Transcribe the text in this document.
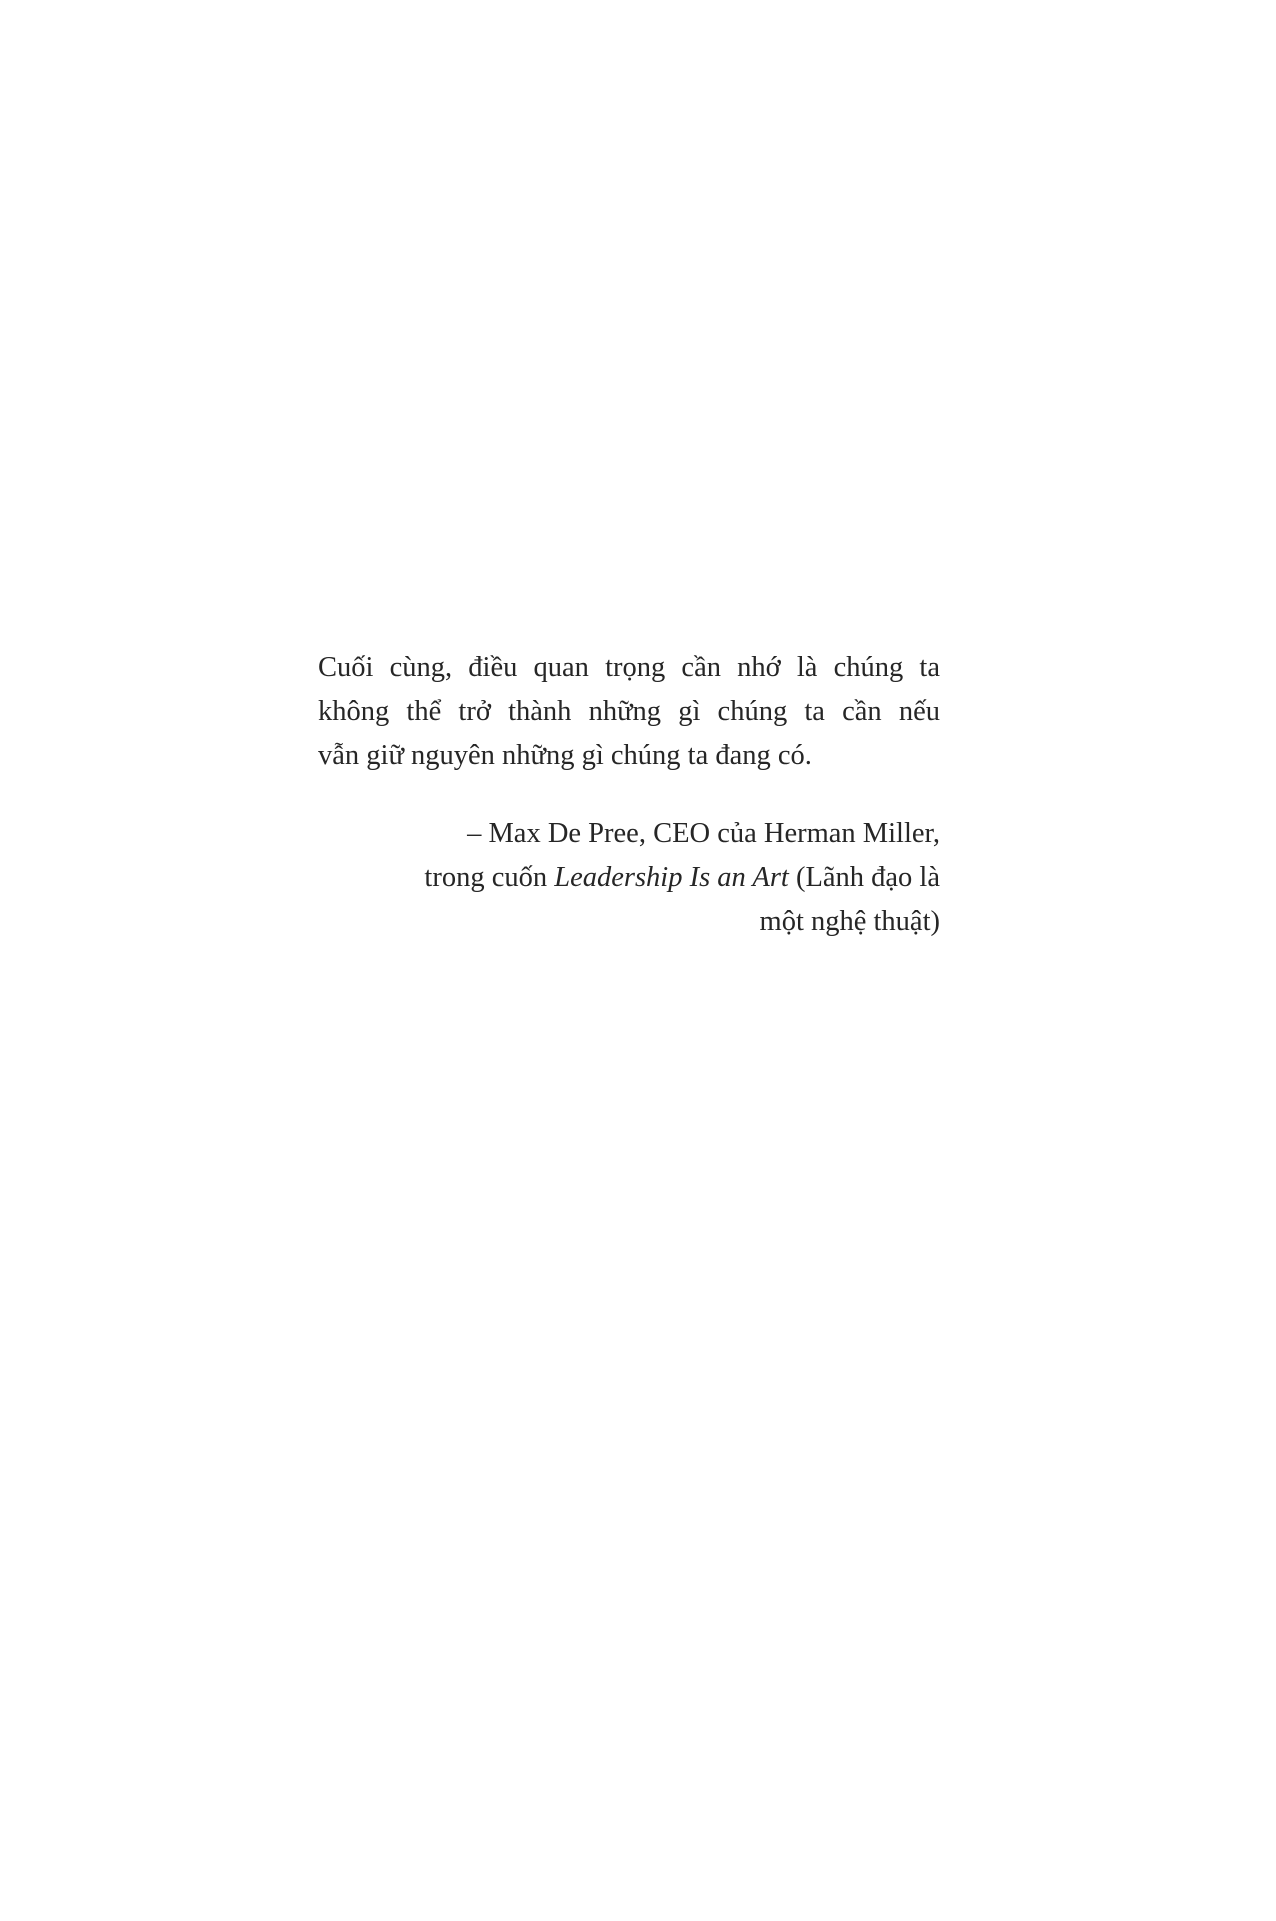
Cuối cùng, điều quan trọng cần nhớ là chúng ta
không thể trở thành những gì chúng ta cần nếu
vẫn giữ nguyên những gì chúng ta đang có.
– Max De Pree, CEO của Herman Miller,
trong cuốn Leadership Is an Art (Lãnh đạo là
một nghệ thuật)
